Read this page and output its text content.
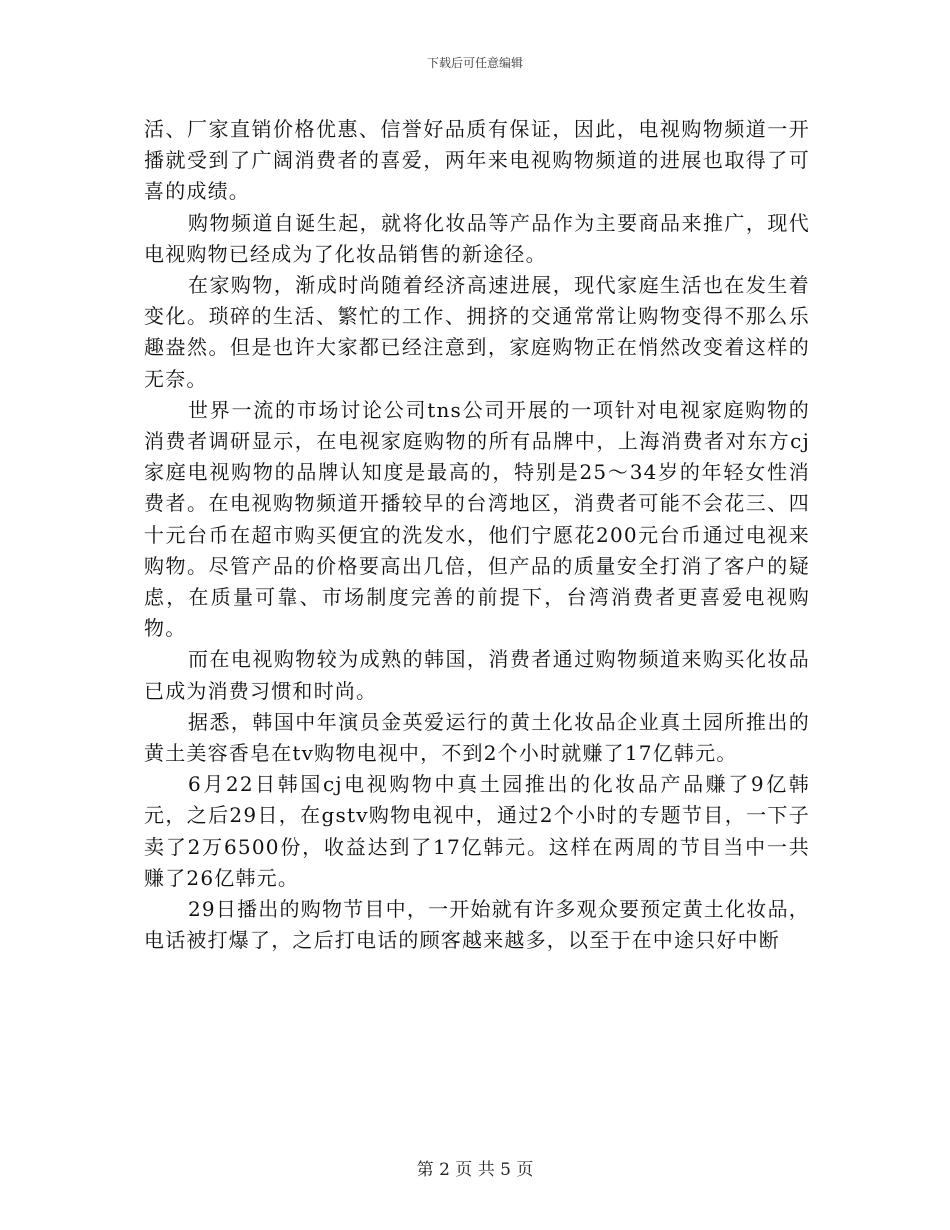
下载后可任意编辑

活、厂家直销价格优惠、信誉好品质有保证，因此，电视购物频道一开播就受到了广阔消费者的喜爱，两年来电视购物频道的进展也取得了可喜的成绩。

购物频道自诞生起，就将化妆品等产品作为主要商品来推广，现代电视购物已经成为了化妆品销售的新途径。

在家购物，渐成时尚随着经济高速进展，现代家庭生活也在发生着变化。琐碎的生活、繁忙的工作、拥挤的交通常常让购物变得不那么乐趣盎然。但是也许大家都已经注意到，家庭购物正在悄然改变着这样的无奈。

世界一流的市场讨论公司tns公司开展的一项针对电视家庭购物的消费者调研显示，在电视家庭购物的所有品牌中，上海消费者对东方cj家庭电视购物的品牌认知度是最高的，特别是25～34岁的年轻女性消费者。在电视购物频道开播较早的台湾地区，消费者可能不会花三、四十元台币在超市购买便宜的洗发水，他们宁愿花200元台币通过电视来购物。尽管产品的价格要高出几倍，但产品的质量安全打消了客户的疑虑，在质量可靠、市场制度完善的前提下，台湾消费者更喜爱电视购物。

而在电视购物较为成熟的韩国，消费者通过购物频道来购买化妆品已成为消费习惯和时尚。

据悉，韩国中年演员金英爱运行的黄土化妆品企业真土园所推出的黄土美容香皂在tv购物电视中，不到2个小时就赚了17亿韩元。

6月22日韩国cj电视购物中真土园推出的化妆品产品赚了9亿韩元，之后29日，在gstv购物电视中，通过2个小时的专题节目，一下子卖了2万6500份，收益达到了17亿韩元。这样在两周的节目当中一共赚了26亿韩元。

29日播出的购物节目中，一开始就有许多观众要预定黄土化妆品，电话被打爆了，之后打电话的顾客越来越多，以至于在中途只好中断

第 2 页 共 5 页
